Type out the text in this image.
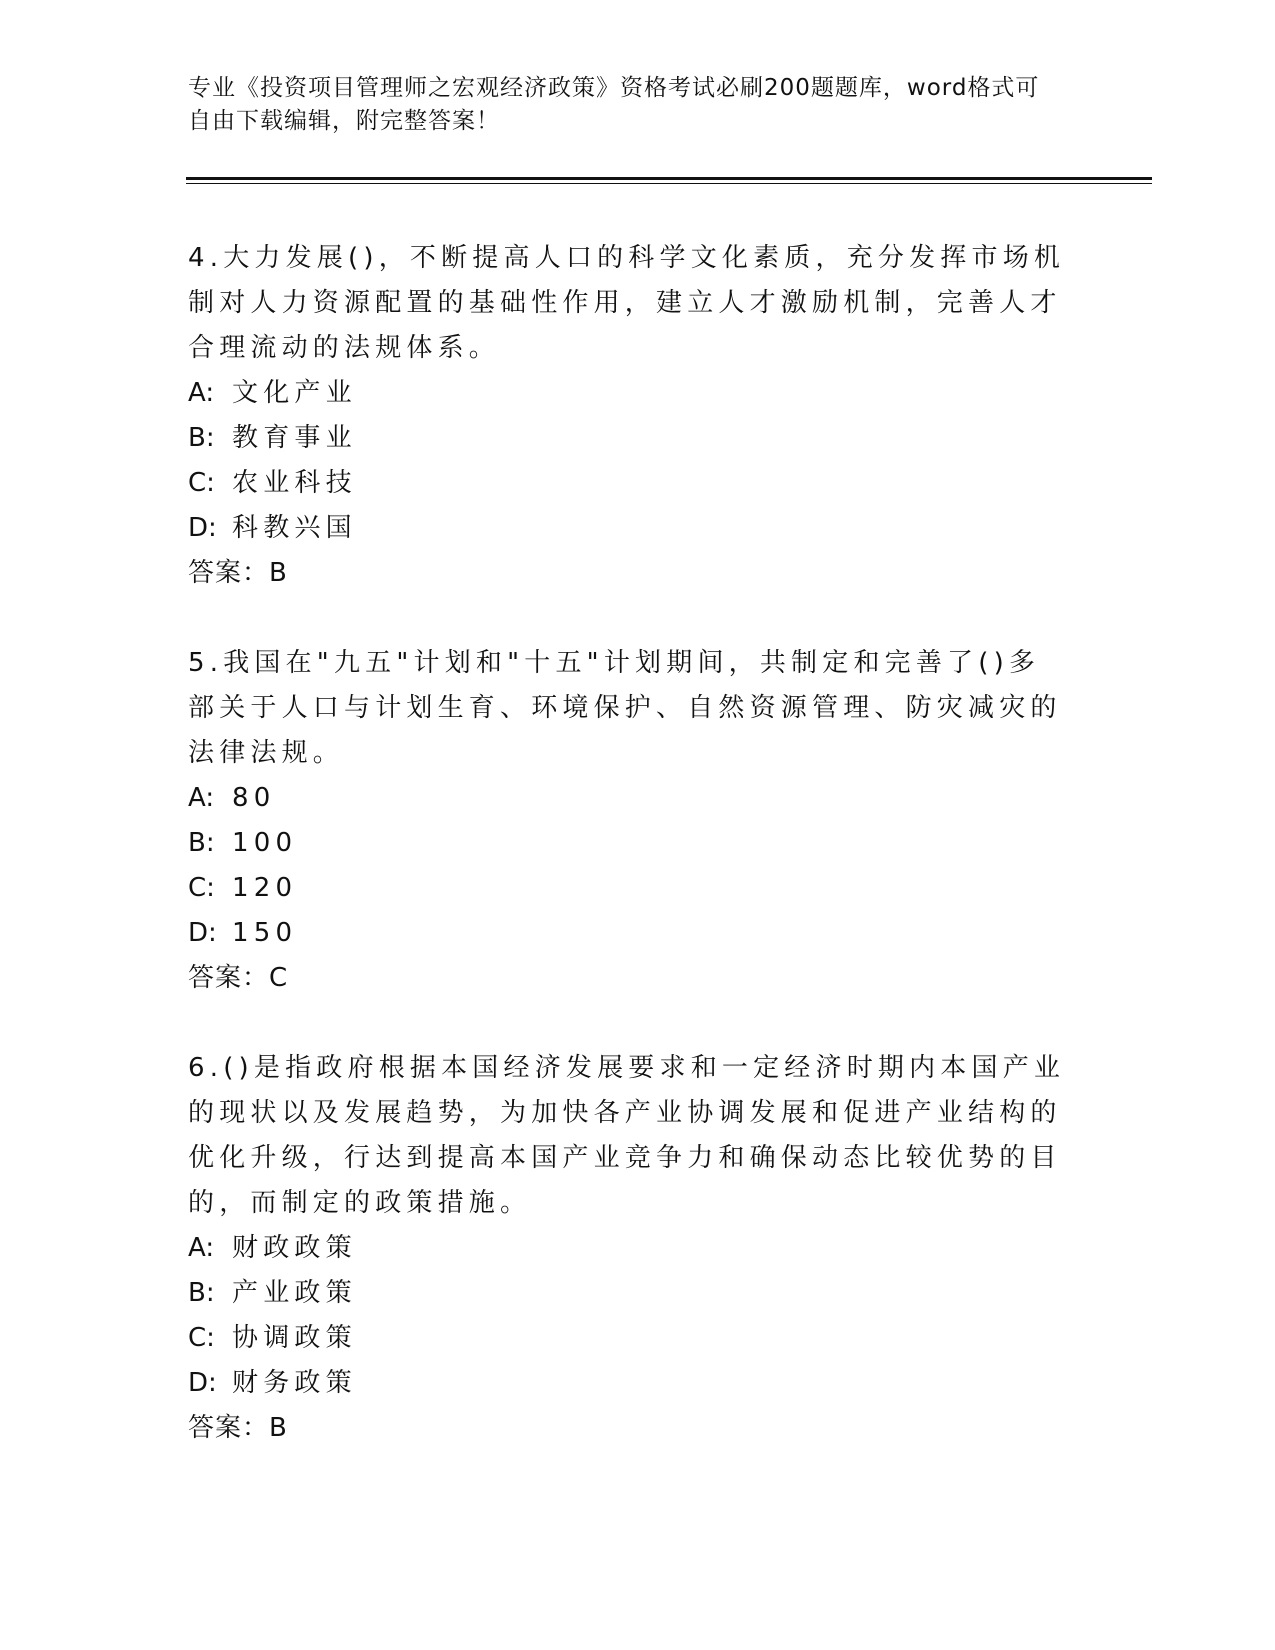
专业《投资项目管理师之宏观经济政策》资格考试必刷200题题库，word格式可
自由下载编辑，附完整答案！

4.大力发展()，不断提高人口的科学文化素质，充分发挥市场机制对人力资源配置的基础性作用，建立人才激励机制，完善人才合理流动的法规体系。

A: 文化产业

B: 教育事业

C: 农业科技

D: 科教兴国

答案：B

5.我国在"九五"计划和"十五"计划期间，共制定和完善了()多部关于人口与计划生育、环境保护、自然资源管理、防灾减灾的法律法规。

A: 80

B: 100

C: 120

D: 150

答案：C

6.()是指政府根据本国经济发展要求和一定经济时期内本国产业的现状以及发展趋势，为加快各产业协调发展和促进产业结构的优化升级，行达到提高本国产业竞争力和确保动态比较优势的目的，而制定的政策措施。

A: 财政政策

B: 产业政策

C: 协调政策

D: 财务政策

答案：B
